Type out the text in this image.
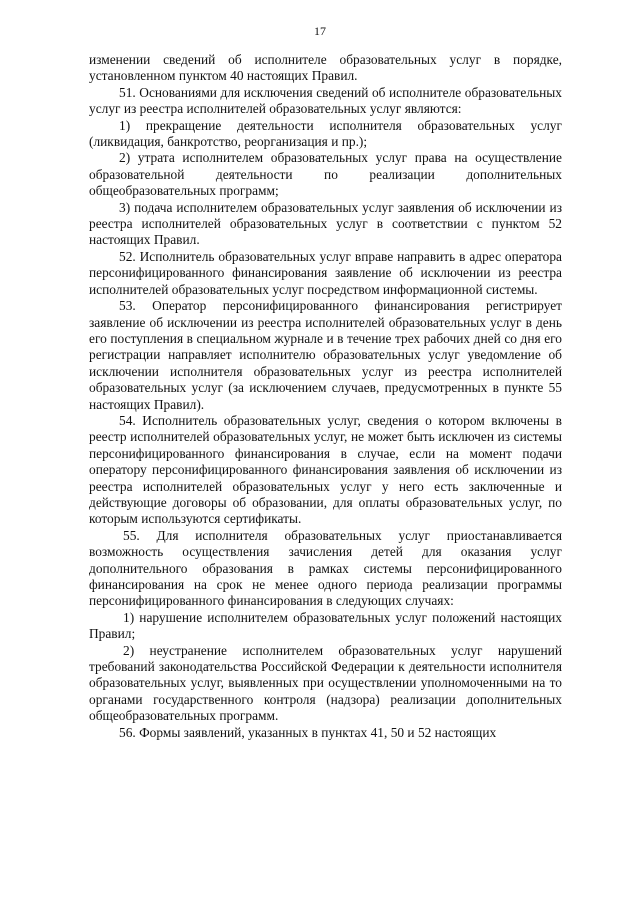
17

изменении сведений об исполнителе образовательных услуг в порядке, установленном пунктом 40 настоящих Правил.

51. Основаниями для исключения сведений об исполнителе образовательных услуг из реестра исполнителей образовательных услуг являются:

1) прекращение деятельности исполнителя образовательных услуг (ликвидация, банкротство, реорганизация и пр.);

2) утрата исполнителем образовательных услуг права на осуществление образовательной деятельности по реализации дополнительных общеобразовательных программ;

3) подача исполнителем образовательных услуг заявления об исключении из реестра исполнителей образовательных услуг в соответствии с пунктом 52 настоящих Правил.

52. Исполнитель образовательных услуг вправе направить в адрес оператора персонифицированного финансирования заявление об исключении из реестра исполнителей образовательных услуг посредством информационной системы.

53. Оператор персонифицированного финансирования регистрирует заявление об исключении из реестра исполнителей образовательных услуг в день его поступления в специальном журнале и в течение трех рабочих дней со дня его регистрации направляет исполнителю образовательных услуг уведомление об исключении исполнителя образовательных услуг из реестра исполнителей образовательных услуг (за исключением случаев, предусмотренных в пункте 55 настоящих Правил).

54. Исполнитель образовательных услуг, сведения о котором включены в реестр исполнителей образовательных услуг, не может быть исключен из системы персонифицированного финансирования в случае, если на момент подачи оператору персонифицированного финансирования заявления об исключении из реестра исполнителей образовательных услуг у него есть заключенные и действующие договоры об образовании, для оплаты образовательных услуг, по которым используются сертификаты.

55. Для исполнителя образовательных услуг приостанавливается возможность осуществления зачисления детей для оказания услуг дополнительного образования в рамках системы персонифицированного финансирования на срок не менее одного периода реализации программы персонифицированного финансирования в следующих случаях:

1) нарушение исполнителем образовательных услуг положений настоящих Правил;

2) неустранение исполнителем образовательных услуг нарушений требований законодательства Российской Федерации к деятельности исполнителя образовательных услуг, выявленных при осуществлении уполномоченными на то органами государственного контроля (надзора) реализации дополнительных общеобразовательных программ.

56. Формы заявлений, указанных в пунктах 41, 50 и 52 настоящих
